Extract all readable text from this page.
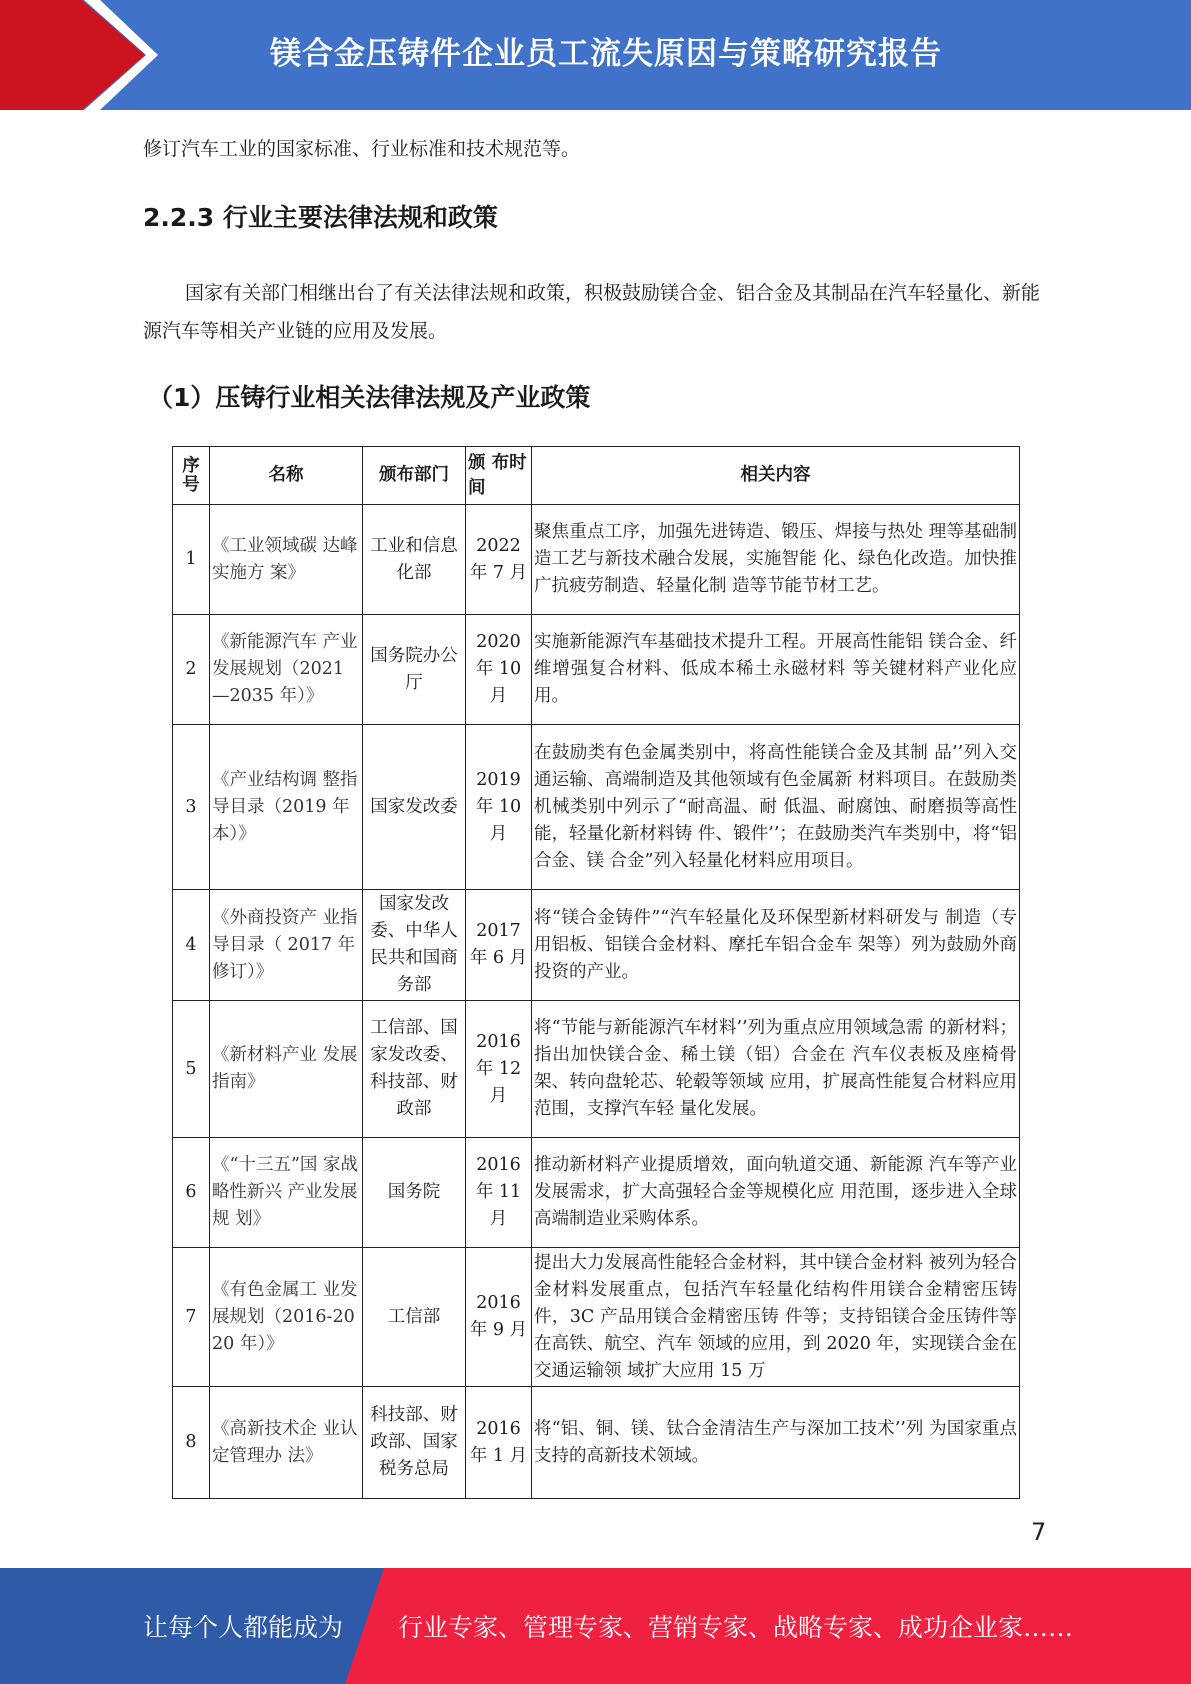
镁合金压铸件企业员工流失原因与策略研究报告

修订汽车工业的国家标准、行业标准和技术规范等。

2.2.3 行业主要法律法规和政策

国家有关部门相继出台了有关法律法规和政策，积极鼓励镁合金、铝合金及其制品在汽车轻量化、新能源汽车等相关产业链的应用及发展。

（1）压铸行业相关法律法规及产业政策
序号	名称	颁布部门	颁 布时间	相关内容
1	《工业领域碳 达峰实施方 案》	工业和信息化部	2022 年 7 月	聚焦重点工序，加强先进铸造、锻压、焊接与热处 理等基础制造工艺与新技术融合发展，实施智能 化、绿色化改造。加快推广抗疲劳制造、轻量化制 造等节能节材工艺。
2	《新能源汽车 产业发展规划（2021—2035 年）》	国务院办公厅	2020 年 10 月	实施新能源汽车基础技术提升工程。开展高性能铝 镁合金、纤维增强复合材料、低成本稀土永磁材料 等关键材料产业化应用。
3	《产业结构调 整指导目录（2019 年本）》	国家发改委	2019 年 10 月	在鼓励类有色金属类别中，将高性能镁合金及其制 品’’列入交通运输、高端制造及其他领域有色金属新 材料项目。在鼓励类机械类别中列示了“耐高温、耐 低温、耐腐蚀、耐磨损等高性能，轻量化新材料铸 件、锻件’’；在鼓励类汽车类别中，将“铝合金、镁 合金”列入轻量化材料应用项目。
4	《外商投资产 业指导目录（ 2017 年 修订）》	国家发改委、中华人民共和国商务部	2017 年 6 月	将“镁合金铸件”“汽车轻量化及环保型新材料研发与 制造（专用铝板、铝镁合金材料、摩托车铝合金车 架等）列为鼓励外商投资的产业。
5	《新材料产业 发展指南》	工信部、国家发改委、科技部、财政部	2016 年 12 月	将“节能与新能源汽车材料’’列为重点应用领域急需 的新材料；指出加快镁合金、稀土镁（铝）合金在 汽车仪表板及座椅骨架、转向盘轮芯、轮毂等领域 应用，扩展高性能复合材料应用范围，支撑汽车轻 量化发展。
6	《“十三五”国 家战略性新兴 产业发展规 划》	国务院	2016 年 11 月	推动新材料产业提质增效，面向轨道交通、新能源 汽车等产业发展需求，扩大高强轻合金等规模化应 用范围，逐步进入全球高端制造业采购体系。
7	《有色金属工 业发展规划（2016-2020 年）》	工信部	2016 年 9 月	提出大力发展高性能轻合金材料，其中镁合金材料 被列为轻合金材料发展重点，包括汽车轻量化结构件用镁合金精密压铸件，3C 产品用镁合金精密压铸 件等；支持铝镁合金压铸件等在高铁、航空、汽车 领域的应用，到 2020 年，实现镁合金在交通运输领 域扩大应用 15 万
8	《高新技术企 业认定管理办 法》	科技部、财政部、国家税务总局	2016 年 1 月	将“铝、铜、镁、钛合金清洁生产与深加工技术’’列 为国家重点支持的高新技术领域。
7
让每个人都能成为 行业专家、管理专家、营销专家、战略专家、成功企业家……
